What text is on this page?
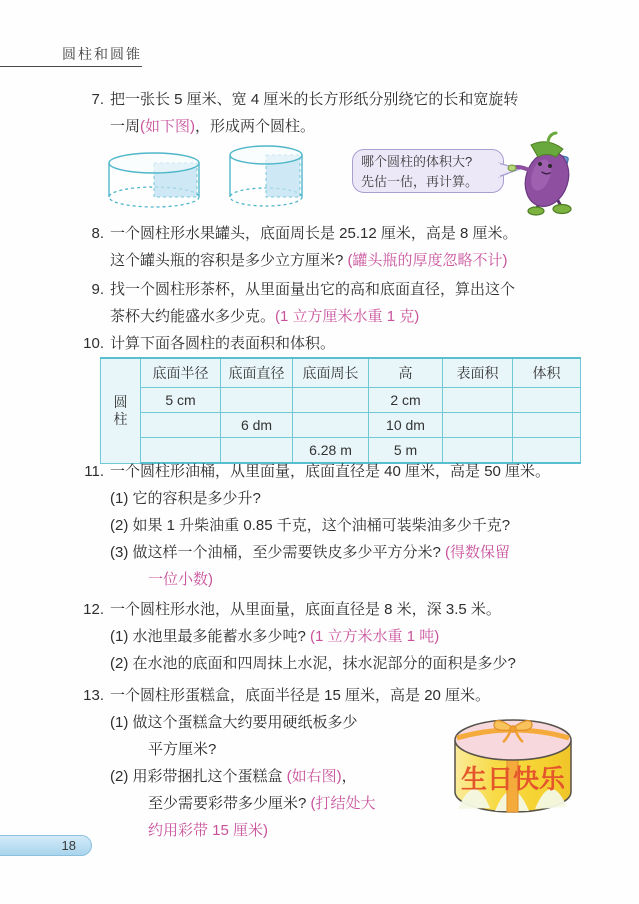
圆柱和圆锥
7. 把一张长 5 厘米、宽 4 厘米的长方形纸分别绕它的长和宽旋转
一周(如下图)，形成两个圆柱。
哪个圆柱的体积大?
先估一估，再计算。
8. 一个圆柱形水果罐头，底面周长是 25.12 厘米，高是 8 厘米。
这个罐头瓶的容积是多少立方厘米? (罐头瓶的厚度忽略不计)
9. 找一个圆柱形茶杯，从里面量出它的高和底面直径，算出这个
茶杯大约能盛水多少克。(1 立方厘米水重 1 克)
10. 计算下面各圆柱的表面积和体积。
圆
柱	底面半径	底面直径	底面周长	高	表面积	体积
	5 cm			2 cm		
		6 dm		10 dm		
			6.28 m	5 m		
11. 一个圆柱形油桶，从里面量，底面直径是 40 厘米，高是 50 厘米。
(1) 它的容积是多少升?
(2) 如果 1 升柴油重 0.85 千克，这个油桶可装柴油多少千克?
(3) 做这样一个油桶，至少需要铁皮多少平方分米? (得数保留
一位小数)
12. 一个圆柱形水池，从里面量，底面直径是 8 米，深 3.5 米。
(1) 水池里最多能蓄水多少吨? (1 立方米水重 1 吨)
(2) 在水池的底面和四周抹上水泥，抹水泥部分的面积是多少?
13. 一个圆柱形蛋糕盒，底面半径是 15 厘米，高是 20 厘米。
(1) 做这个蛋糕盒大约要用硬纸板多少
平方厘米?
(2) 用彩带捆扎这个蛋糕盒 (如右图)，
至少需要彩带多少厘米? (打结处大
约用彩带 15 厘米)
生日快乐
18
